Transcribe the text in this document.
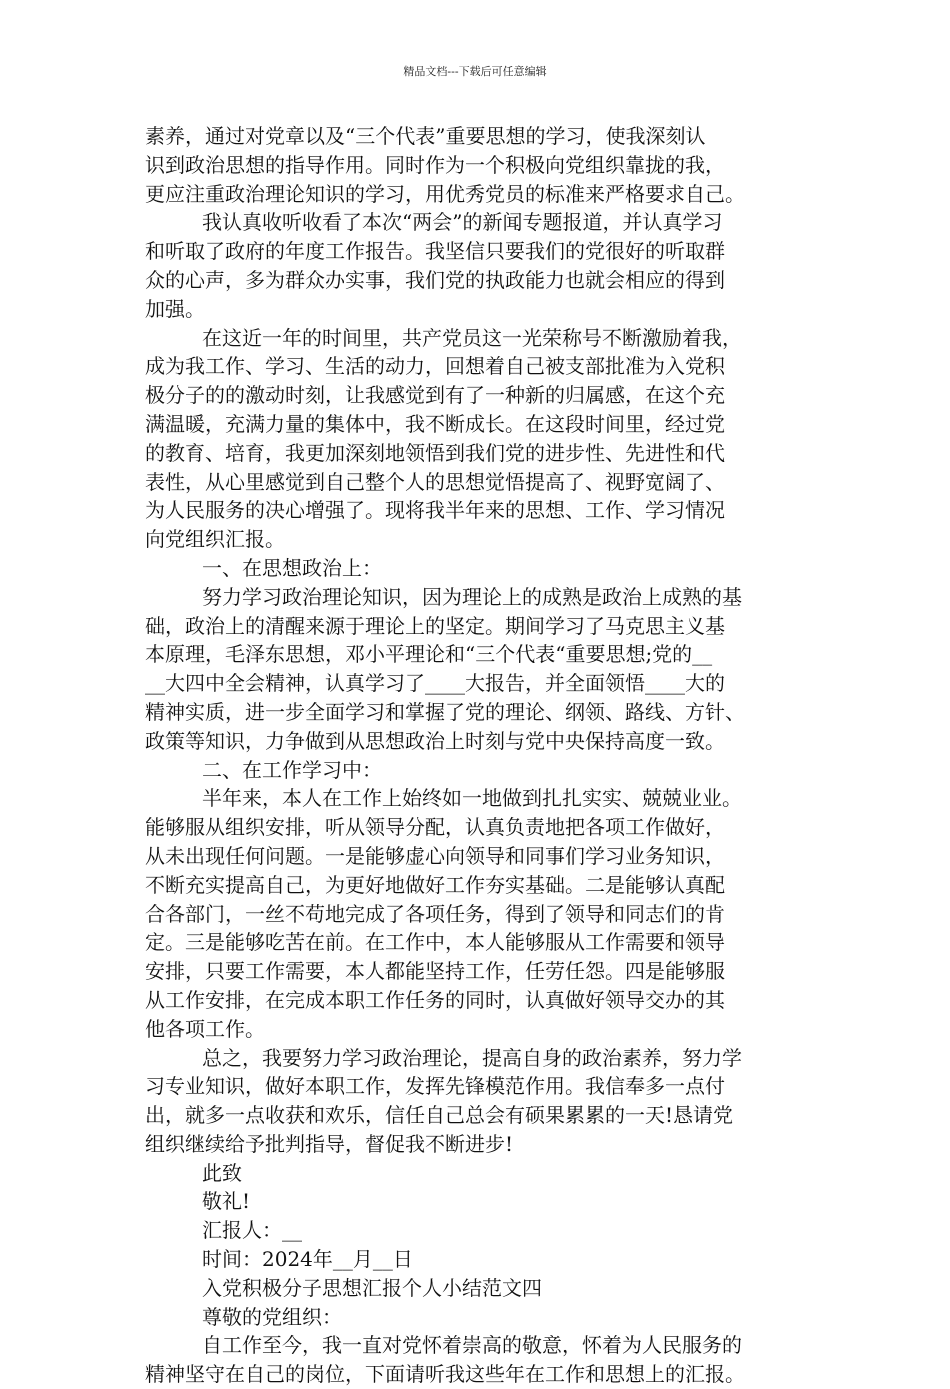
精品文档---下载后可任意编辑
素养，通过对党章以及“三个代表”重要思想的学习，使我深刻认
识到政治思想的指导作用。同时作为一个积极向党组织靠拢的我，
更应注重政治理论知识的学习，用优秀党员的标准来严格要求自己。
我认真收听收看了本次“两会”的新闻专题报道，并认真学习
和听取了政府的年度工作报告。我坚信只要我们的党很好的听取群
众的心声，多为群众办实事，我们党的执政能力也就会相应的得到
加强。
在这近一年的时间里，共产党员这一光荣称号不断激励着我，
成为我工作、学习、生活的动力，回想着自己被支部批准为入党积
极分子的的激动时刻，让我感觉到有了一种新的归属感，在这个充
满温暖，充满力量的集体中，我不断成长。在这段时间里，经过党
的教育、培育，我更加深刻地领悟到我们党的进步性、先进性和代
表性，从心里感觉到自己整个人的思想觉悟提高了、视野宽阔了、
为人民服务的决心增强了。现将我半年来的思想、工作、学习情况
向党组织汇报。
一、在思想政治上：
努力学习政治理论知识，因为理论上的成熟是政治上成熟的基
础，政治上的清醒来源于理论上的坚定。期间学习了马克思主义基
本原理，毛泽东思想，邓小平理论和“三个代表“重要思想;党的__
__大四中全会精神，认真学习了____大报告，并全面领悟____大的
精神实质，进一步全面学习和掌握了党的理论、纲领、路线、方针、
政策等知识，力争做到从思想政治上时刻与党中央保持高度一致。
二、在工作学习中：
半年来，本人在工作上始终如一地做到扎扎实实、兢兢业业。
能够服从组织安排，听从领导分配，认真负责地把各项工作做好，
从未出现任何问题。一是能够虚心向领导和同事们学习业务知识，
不断充实提高自己，为更好地做好工作夯实基础。二是能够认真配
合各部门，一丝不苟地完成了各项任务，得到了领导和同志们的肯
定。三是能够吃苦在前。在工作中，本人能够服从工作需要和领导
安排，只要工作需要，本人都能坚持工作，任劳任怨。四是能够服
从工作安排，在完成本职工作任务的同时，认真做好领导交办的其
他各项工作。
总之，我要努力学习政治理论，提高自身的政治素养，努力学
习专业知识，做好本职工作，发挥先锋模范作用。我信奉多一点付
出，就多一点收获和欢乐，信任自己总会有硕果累累的一天!恳请党
组织继续给予批判指导，督促我不断进步!
此致
敬礼!
汇报人：__
时间：2024年__月__日
入党积极分子思想汇报个人小结范文四
尊敬的党组织：
自工作至今，我一直对党怀着崇高的敬意，怀着为人民服务的
精神坚守在自己的岗位，下面请听我这些年在工作和思想上的汇报。
